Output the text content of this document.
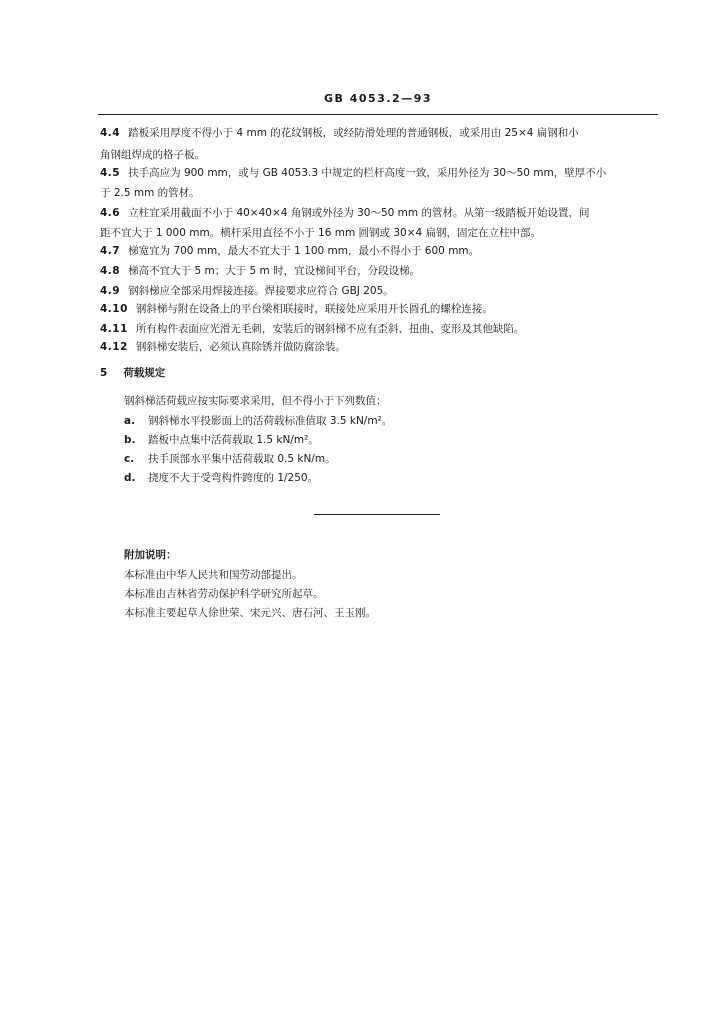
GB 4053.2—93
4.4 踏板采用厚度不得小于 4 mm 的花纹钢板，或经防滑处理的普通钢板，或采用由 25×4 扁钢和小
角钢组焊成的格子板。
4.5 扶手高应为 900 mm，或与 GB 4053.3 中规定的栏杆高度一致，采用外径为 30～50 mm，壁厚不小
于 2.5 mm 的管材。
4.6 立柱宜采用截面不小于 40×40×4 角钢或外径为 30～50 mm 的管材。从第一级踏板开始设置，间
距不宜大于 1 000 mm。横杆采用直径不小于 16 mm 圆钢或 30×4 扁钢，固定在立柱中部。
4.7 梯宽宜为 700 mm，最大不宜大于 1 100 mm，最小不得小于 600 mm。
4.8 梯高不宜大于 5 m；大于 5 m 时，宜设梯间平台，分段设梯。
4.9 钢斜梯应全部采用焊接连接。焊接要求应符合 GBJ 205。
4.10 钢斜梯与附在设备上的平台梁相联接时，联接处应采用开长圆孔的螺栓连接。
4.11 所有构件表面应光滑无毛刺，安装后的钢斜梯不应有歪斜、扭曲、变形及其他缺陷。
4.12 钢斜梯安装后，必须认真除锈并做防腐涂装。
5 荷载规定
钢斜梯活荷载应按实际要求采用，但不得小于下列数值：
a. 钢斜梯水平投影面上的活荷载标准值取 3.5 kN/m²。
b. 踏板中点集中活荷载取 1.5 kN/m²。
c. 扶手顶部水平集中活荷载取 0.5 kN/m。
d. 挠度不大于受弯构件跨度的 1/250。
附加说明：
本标准由中华人民共和国劳动部提出。
本标准由吉林省劳动保护科学研究所起草。
本标准主要起草人徐世荣、宋元兴、唐石河、王玉刚。
